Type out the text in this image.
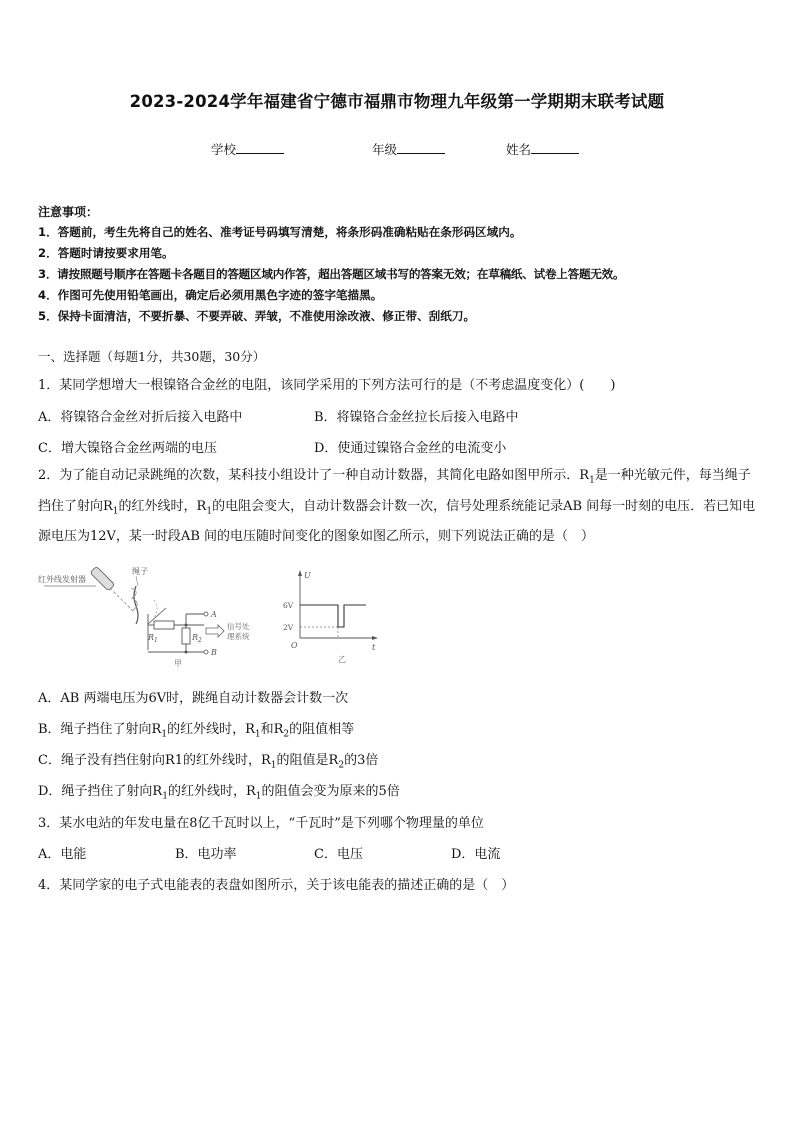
2023-2024学年福建省宁德市福鼎市物理九年级第一学期期末联考试题
学校	年级	姓名
注意事项：
1．答题前，考生先将自己的姓名、准考证号码填写清楚，将条形码准确粘贴在条形码区域内。
2．答题时请按要求用笔。
3．请按照题号顺序在答题卡各题目的答题区域内作答，超出答题区域书写的答案无效；在草稿纸、试卷上答题无效。
4．作图可先使用铅笔画出，确定后必须用黑色字迹的签字笔描黑。
5．保持卡面清洁，不要折暴、不要弄破、弄皱，不准使用涂改液、修正带、刮纸刀。
一、选择题（每题1分，共30题，30分）
1．某同学想增大一根镍铬合金丝的电阻，该同学采用的下列方法可行的是（不考虑温度变化）(　　)
A．将镍铬合金丝对折后接入电路中	B．将镍铬合金丝拉长后接入电路中
C．增大镍铬合金丝两端的电压	D．使通过镍铬合金丝的电流变小
2．为了能自动记录跳绳的次数，某科技小组设计了一种自动计数器，其简化电路如图甲所示．$R_1$是一种光敏元件，每当绳子挡住了射向$R_1$的红外线时，$R_1$的电阻会变大，自动计数器会计数一次，信号处理系统能记录AB 间每一时刻的电压．若已知电源电压为12V，某一时段AB 间的电压随时间变化的图象如图乙所示，则下列说法正确的是（　）
红外线发射器
绳子
$R_1$	$R_2$
A
B
信号处
理系统
甲
U
t
O
6V
2V
乙
A．AB 两端电压为6V时，跳绳自动计数器会计数一次
B．绳子挡住了射向$R_1$的红外线时，$R_1$和$R_2$的阻值相等
C．绳子没有挡住射向R1的红外线时，$R_1$的阻值是$R_2$的3倍
D．绳子挡住了射向$R_1$的红外线时，$R_1$的阻值会变为原来的5倍
3．某水电站的年发电量在8亿千瓦时以上，“千瓦时”是下列哪个物理量的单位
A．电能	B．电功率	C．电压	D．电流
4．某同学家的电子式电能表的表盘如图所示，关于该电能表的描述正确的是（　）
